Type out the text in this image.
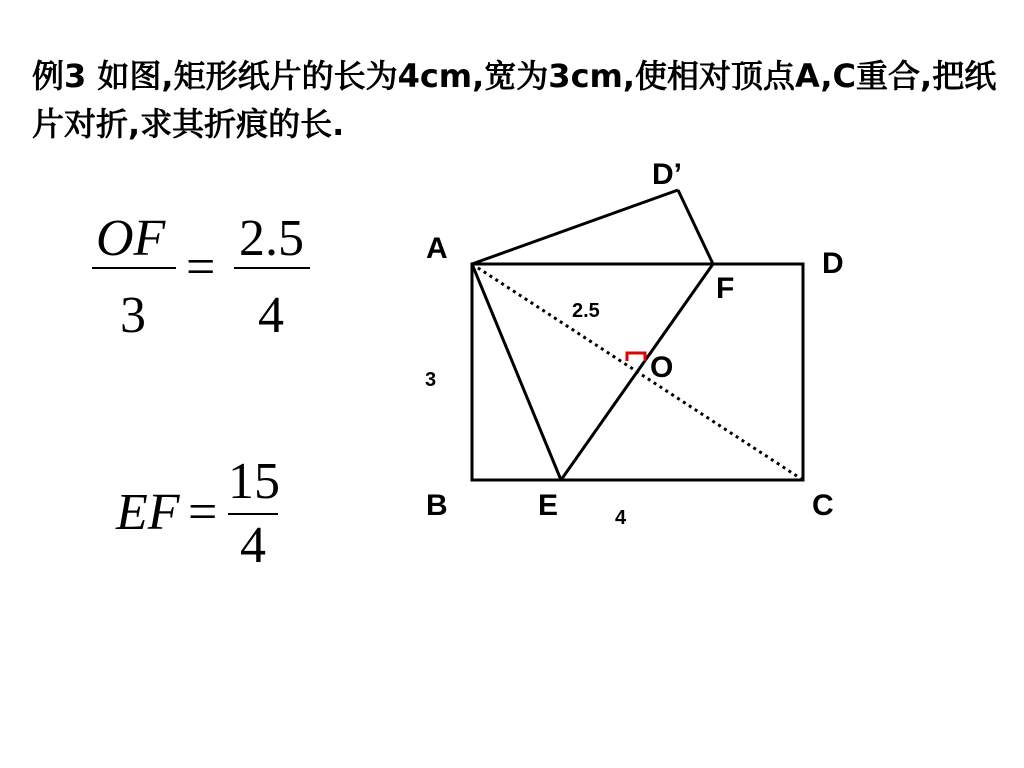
例3 如图,矩形纸片的长为4cm,宽为3cm,使相对顶点A,C重合,把纸片对折,求其折痕的长.

OF
3
=
2.5
4
EF =
15
4
A	D
B	E	C
F
O
D’
2.5
3
4
